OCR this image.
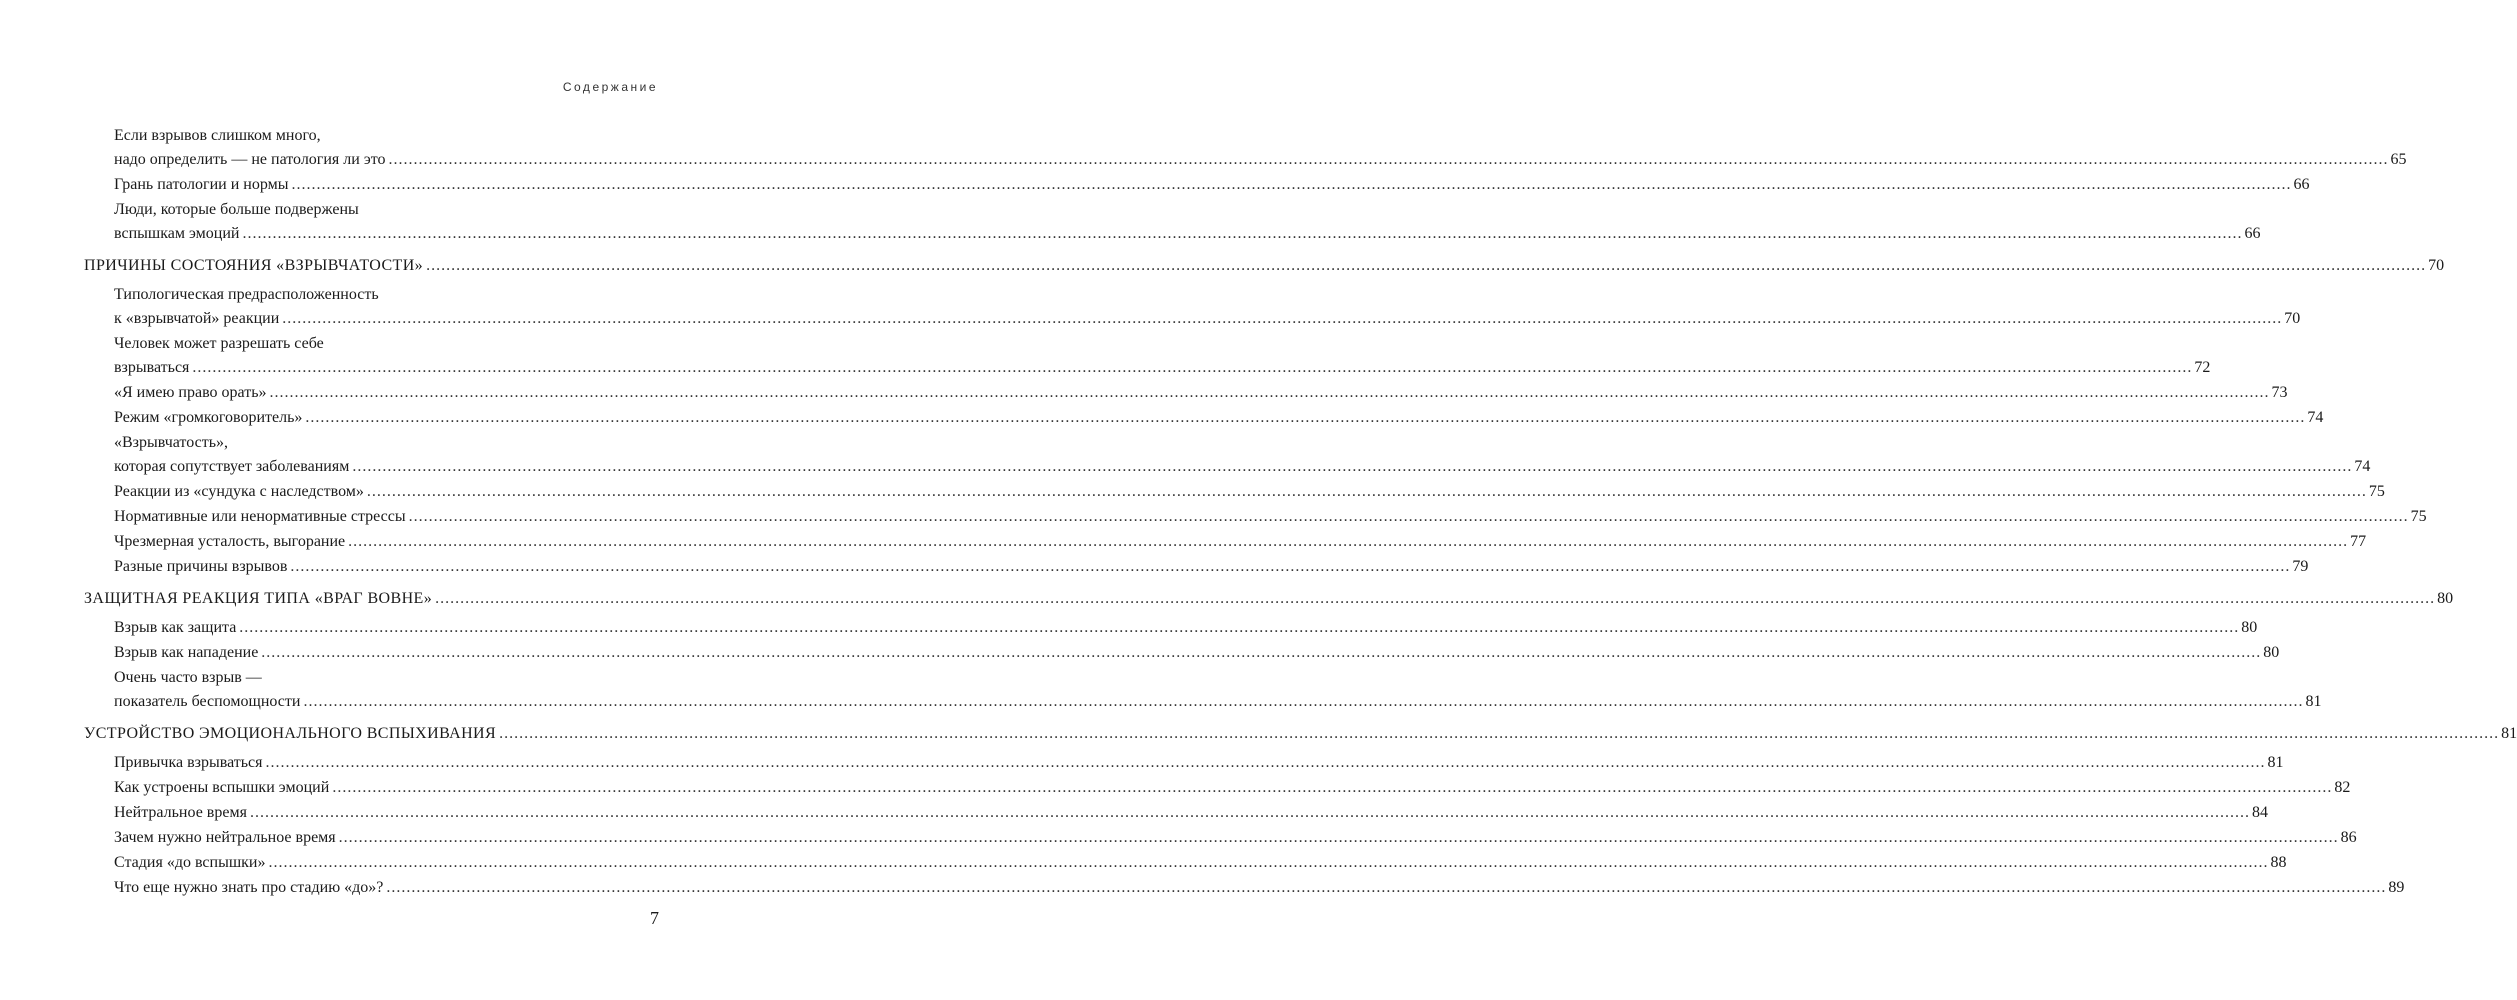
Содержание
Если взрывов слишком много,
надо определить — не патология ли это ................................................................................................................................................................................................................................................................................................................................................................................................................ 65
Грань патологии и нормы ................................................................................................................................................................................................................................................................................................................................................................................................................ 66
Люди, которые больше подвержены
вспышкам эмоций ................................................................................................................................................................................................................................................................................................................................................................................................................ 66
ПРИЧИНЫ СОСТОЯНИЯ «ВЗРЫВЧАТОСТИ» ................................................................................................................................................................................................................................................................................................................................................................................................................ 70
Типологическая предрасположенность
к «взрывчатой» реакции ................................................................................................................................................................................................................................................................................................................................................................................................................ 70
Человек может разрешать себе
взрываться ................................................................................................................................................................................................................................................................................................................................................................................................................ 72
«Я имею право орать» ................................................................................................................................................................................................................................................................................................................................................................................................................ 73
Режим «громкоговоритель» ................................................................................................................................................................................................................................................................................................................................................................................................................ 74
«Взрывчатость»,
которая сопутствует заболеваниям ................................................................................................................................................................................................................................................................................................................................................................................................................ 74
Реакции из «сундука с наследством» ................................................................................................................................................................................................................................................................................................................................................................................................................ 75
Нормативные или ненормативные стрессы ................................................................................................................................................................................................................................................................................................................................................................................................................ 75
Чрезмерная усталость, выгорание ................................................................................................................................................................................................................................................................................................................................................................................................................ 77
Разные причины взрывов ................................................................................................................................................................................................................................................................................................................................................................................................................ 79
ЗАЩИТНАЯ РЕАКЦИЯ ТИПА «ВРАГ ВОВНЕ» ................................................................................................................................................................................................................................................................................................................................................................................................................ 80
Взрыв как защита ................................................................................................................................................................................................................................................................................................................................................................................................................ 80
Взрыв как нападение ................................................................................................................................................................................................................................................................................................................................................................................................................ 80
Очень часто взрыв —
показатель беспомощности ................................................................................................................................................................................................................................................................................................................................................................................................................ 81
УСТРОЙСТВО ЭМОЦИОНАЛЬНОГО ВСПЫХИВАНИЯ ................................................................................................................................................................................................................................................................................................................................................................................................................ 81
Привычка взрываться ................................................................................................................................................................................................................................................................................................................................................................................................................ 81
Как устроены вспышки эмоций ................................................................................................................................................................................................................................................................................................................................................................................................................ 82
Нейтральное время ................................................................................................................................................................................................................................................................................................................................................................................................................ 84
Зачем нужно нейтральное время ................................................................................................................................................................................................................................................................................................................................................................................................................ 86
Стадия «до вспышки» ................................................................................................................................................................................................................................................................................................................................................................................................................ 88
Что еще нужно знать про стадию «до»? ................................................................................................................................................................................................................................................................................................................................................................................................................ 89
7
